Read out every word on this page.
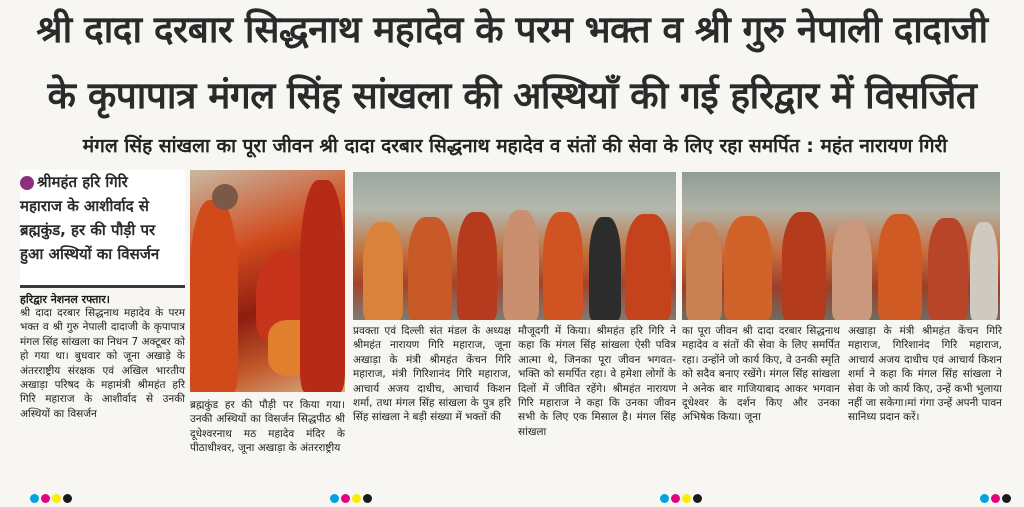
श्री दादा दरबार सिद्धनाथ महादेव के परम भक्त व श्री गुरु नेपाली दादाजी
के कृपापात्र मंगल सिंह सांखला की अस्थियाँ की गई हरिद्वार में विसर्जित
मंगल सिंह सांखला का पूरा जीवन श्री दादा दरबार सिद्धनाथ महादेव व संतों की सेवा के लिए रहा समर्पित : महंत नारायण गिरी
श्रीमहंत हरि गिरि
महाराज के आशीर्वाद से
ब्रह्मकुंड, हर की पौड़ी पर
हुआ अस्थियों का विसर्जन
हरिद्वार नेशनल रफ्तार।
श्री दादा दरबार सिद्धनाथ महादेव के परम भक्त व श्री गुरु नेपाली दादाजी के कृपापात्र मंगल सिंह सांखला का निधन 7 अक्टूबर को हो गया था। बुधवार को जूना अखाड़े के अंतरराष्ट्रीय संरक्षक एवं अखिल भारतीय अखाड़ा परिषद के महामंत्री श्रीमहंत हरि गिरि महाराज के आशीर्वाद से उनकी अस्थियों का विसर्जन
ब्रह्मकुंड हर की पौड़ी पर किया गया। उनकी अस्थियों का विसर्जन सिद्धपीठ श्री दूधेश्वरनाथ मठ महादेव मंदिर के पीठाधीश्वर, जूना अखाड़ा के अंतरराष्ट्रीय
प्रवक्ता एवं दिल्ली संत मंडल के अध्यक्ष श्रीमहंत नारायण गिरि महाराज, जूना अखाड़ा के मंत्री श्रीमहंत केंचन गिरि महाराज, मंत्री गिरिशानंद गिरि महाराज, आचार्य अजय दाधीच, आचार्य किशन शर्मा, तथा मंगल सिंह सांखला के पुत्र हरि सिंह सांखला ने बड़ी संख्या में भक्तों की
मौजूदगी में किया। श्रीमहंत हरि गिरि ने कहा कि मंगल सिंह सांखला ऐसी पवित्र आत्मा थे, जिनका पूरा जीवन भगवत-भक्ति को समर्पित रहा। वे हमेशा लोगों के दिलों में जीवित रहेंगे। श्रीमहंत नारायण गिरि महाराज ने कहा कि उनका जीवन सभी के लिए एक मिसाल है। मंगल सिंह सांखला
का पूरा जीवन श्री दादा दरबार सिद्धनाथ महादेव व संतों की सेवा के लिए समर्पित रहा। उन्होंने जो कार्य किए, वे उनकी स्मृति को सदैव बनाए रखेंगे। मंगल सिंह सांखला ने अनेक बार गाजियाबाद आकर भगवान दूधेश्वर के दर्शन किए और उनका अभिषेक किया। जूना
अखाड़ा के मंत्री श्रीमहंत केंचन गिरि महाराज, गिरिशानंद गिरि महाराज, आचार्य अजय दाधीच एवं आचार्य किशन शर्मा ने कहा कि मंगल सिंह सांखला ने सेवा के जो कार्य किए, उन्हें कभी भुलाया नहीं जा सकेगा।मां गंगा उन्हें अपनी पावन सानिध्य प्रदान करें।
